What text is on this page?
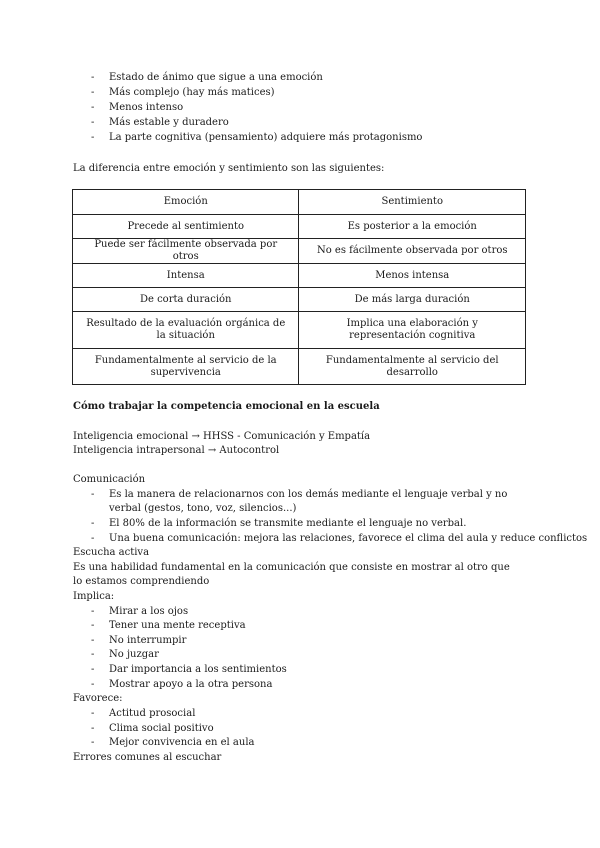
-	Estado de ánimo que sigue a una emoción
-	Más complejo (hay más matices)
-	Menos intenso
-	Más estable y duradero
-	La parte cognitiva (pensamiento) adquiere más protagonismo
La diferencia entre emoción y sentimiento son las siguientes:
Emoción	Sentimiento
Precede al sentimiento	Es posterior a la emoción
Puede ser fácilmente observada por otros	No es fácilmente observada por otros
Intensa	Menos intensa
De corta duración	De más larga duración
Resultado de la evaluación orgánica de la situación	Implica una elaboración y representación cognitiva
Fundamentalmente al servicio de la supervivencia	Fundamentalmente al servicio del desarrollo
Cómo trabajar la competencia emocional en la escuela
Inteligencia emocional → HHSS - Comunicación y Empatía
Inteligencia intrapersonal → Autocontrol
Comunicación
-	Es la manera de relacionarnos con los demás mediante el lenguaje verbal y no verbal (gestos, tono, voz, silencios...)
-	El 80% de la información se transmite mediante el lenguaje no verbal.
-	Una buena comunicación: mejora las relaciones, favorece el clima del aula y reduce conflictos
Escucha activa
Es una habilidad fundamental en la comunicación que consiste en mostrar al otro que lo estamos comprendiendo
Implica:
-	Mirar a los ojos
-	Tener una mente receptiva
-	No interrumpir
-	No juzgar
-	Dar importancia a los sentimientos
-	Mostrar apoyo a la otra persona
Favorece:
-	Actitud prosocial
-	Clima social positivo
-	Mejor convivencia en el aula
Errores comunes al escuchar
